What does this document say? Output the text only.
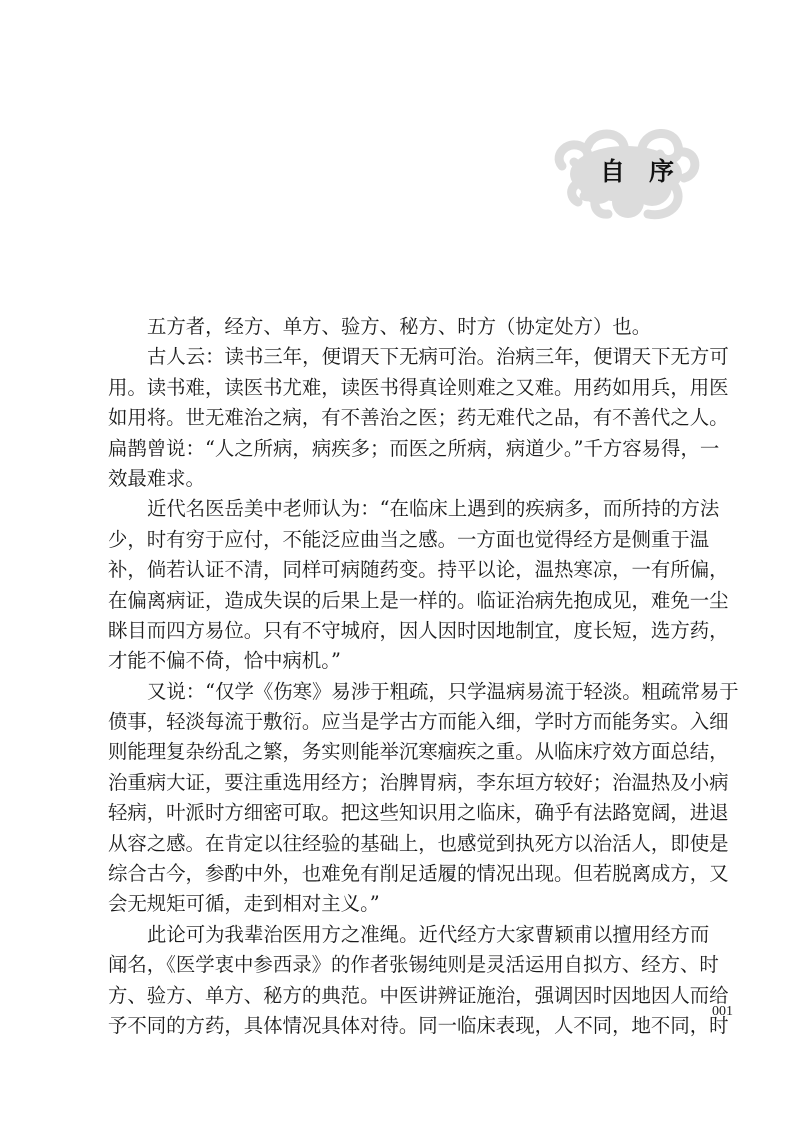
自序
五方者，经方、单方、验方、秘方、时方（协定处方）也。
古人云：读书三年，便谓天下无病可治。治病三年，便谓天下无方可
用。读书难，读医书尤难，读医书得真诠则难之又难。用药如用兵，用医
如用将。世无难治之病，有不善治之医；药无难代之品，有不善代之人。
扁鹊曾说：“人之所病，病疾多；而医之所病，病道少。”千方容易得，一
效最难求。
近代名医岳美中老师认为：“在临床上遇到的疾病多，而所持的方法
少，时有穷于应付，不能泛应曲当之感。一方面也觉得经方是侧重于温
补，倘若认证不清，同样可病随药变。持平以论，温热寒凉，一有所偏，
在偏离病证，造成失误的后果上是一样的。临证治病先抱成见，难免一尘
眯目而四方易位。只有不守城府，因人因时因地制宜，度长短，选方药，
才能不偏不倚，恰中病机。”
又说：“仅学《伤寒》易涉于粗疏，只学温病易流于轻淡。粗疏常易于
偾事，轻淡每流于敷衍。应当是学古方而能入细，学时方而能务实。入细
则能理复杂纷乱之繁，务实则能举沉寒痼疾之重。从临床疗效方面总结，
治重病大证，要注重选用经方；治脾胃病，李东垣方较好；治温热及小病
轻病，叶派时方细密可取。把这些知识用之临床，确乎有法路宽阔，进退
从容之感。在肯定以往经验的基础上，也感觉到执死方以治活人，即使是
综合古今，参酌中外，也难免有削足适履的情况出现。但若脱离成方，又
会无规矩可循，走到相对主义。”
此论可为我辈治医用方之准绳。近代经方大家曹颖甫以擅用经方而
闻名，《医学衷中参西录》的作者张锡纯则是灵活运用自拟方、经方、时
方、验方、单方、秘方的典范。中医讲辨证施治，强调因时因地因人而给
予不同的方药，具体情况具体对待。同一临床表现，人不同，地不同，时
001
